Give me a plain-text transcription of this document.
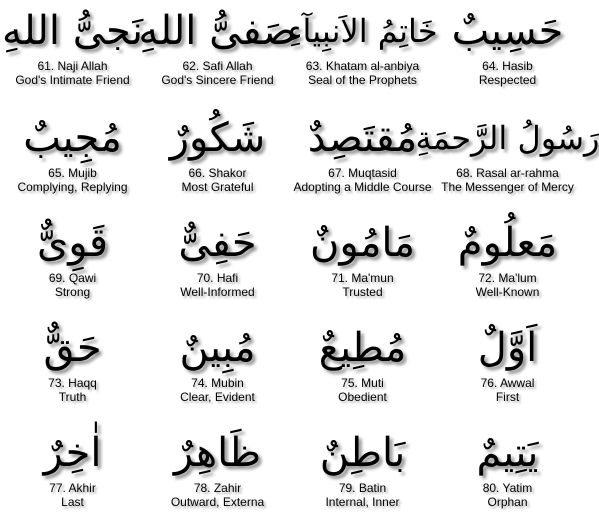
نَجىُّ اللهِ
61. Naji Allah
God's Intimate Friend
صَفىُّ اللهِ
62. Safi Allah
God's Sincere Friend
خَاتِمُ الاَنبِيآءِ
63. Khatam al-anbiya
Seal of the Prophets
حَسِيبٌ
64. Hasib
Respected
مُجِيبٌ
65. Mujib
Complying, Replying
شَكُورٌ
66. Shakor
Most Grateful
مُقتَصِدٌ
67. Muqtasid
Adopting a Middle Course
رَسُولُ الرَّحمَةِ
68. Rasal ar-rahma
The Messenger of Mercy
قَوِىٌّ
69. Qawi
Strong
حَفِىٌّ
70. Hafi
Well-Informed
مَامُونٌ
71. Ma'mun
Trusted
مَعلُومٌ
72. Ma'lum
Well-Known
حَقٌّ
73. Haqq
Truth
مُبِينٌ
74. Mubin
Clear, Evident
مُطِيعٌ
75. Muti
Obedient
اَوَّلٌ
76. Awwal
First
اٰخِرٌ
77. Akhir
Last
ظَاهِرٌ
78. Zahir
Outward, Externa
بَاطِنٌ
79. Batin
Internal, Inner
يَتِيمٌ
80. Yatim
Orphan
